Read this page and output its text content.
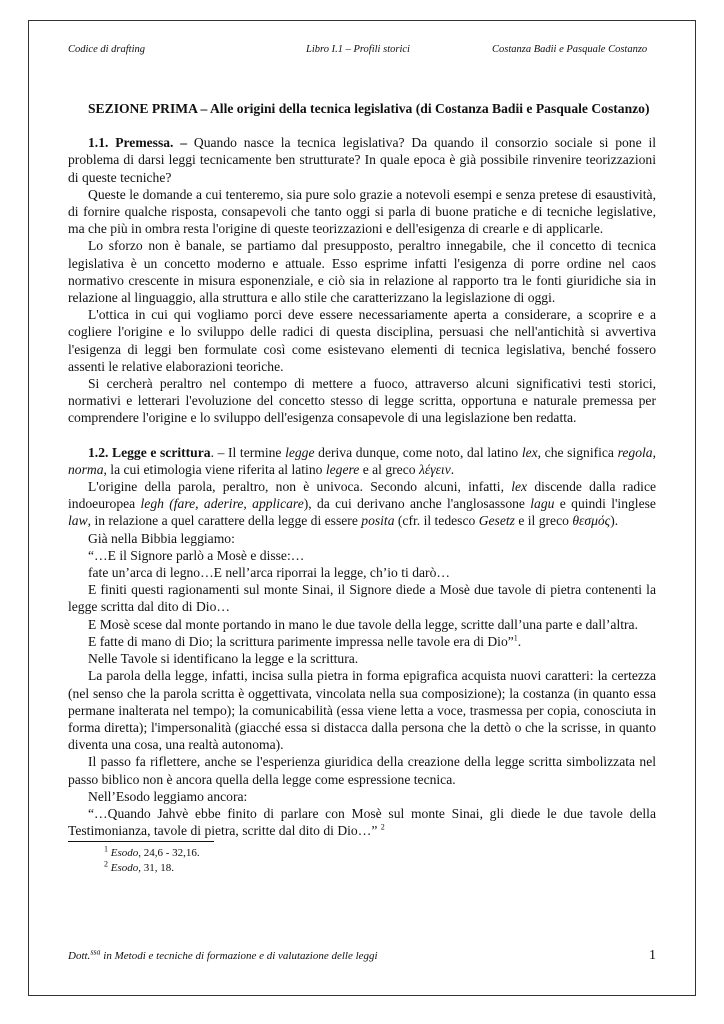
Codice di drafting	Libro I.1 – Profili storici	Costanza Badii e Pasquale Costanzo

SEZIONE PRIMA – Alle origini della tecnica legislativa (di Costanza Badii e Pasquale Costanzo)

1.1. Premessa. – Quando nasce la tecnica legislativa? Da quando il consorzio sociale si pone il problema di darsi leggi tecnicamente ben strutturate? In quale epoca è già possibile rinvenire teorizzazioni di queste tecniche?

Queste le domande a cui tenteremo, sia pure solo grazie a notevoli esempi e senza pretese di esaustività, di fornire qualche risposta, consapevoli che tanto oggi si parla di buone pratiche e di tecniche legislative, ma che più in ombra resta l'origine di queste teorizzazioni e dell'esigenza di crearle e di applicarle.

Lo sforzo non è banale, se partiamo dal presupposto, peraltro innegabile, che il concetto di tecnica legislativa è un concetto moderno e attuale. Esso esprime infatti l'esigenza di porre ordine nel caos normativo crescente in misura esponenziale, e ciò sia in relazione al rapporto tra le fonti giuridiche sia in relazione al linguaggio, alla struttura e allo stile che caratterizzano la legislazione di oggi.

L'ottica in cui qui vogliamo porci deve essere necessariamente aperta a considerare, a scoprire e a cogliere l'origine e lo sviluppo delle radici di questa disciplina, persuasi che nell'antichità si avvertiva l'esigenza di leggi ben formulate così come esistevano elementi di tecnica legislativa, benché fossero assenti le relative elaborazioni teoriche.

Si cercherà peraltro nel contempo di mettere a fuoco, attraverso alcuni significativi testi storici, normativi e letterari l'evoluzione del concetto stesso di legge scritta, opportuna e naturale premessa per comprendere l'origine e lo sviluppo dell'esigenza consapevole di una legislazione ben redatta.

1.2. Legge e scrittura. – Il termine legge deriva dunque, come noto, dal latino lex, che significa regola, norma, la cui etimologia viene riferita al latino legere e al greco λέγειν.

L'origine della parola, peraltro, non è univoca. Secondo alcuni, infatti, lex discende dalla radice indoeuropea legh (fare, aderire, applicare), da cui derivano anche l'anglosassone lagu e quindi l'inglese law, in relazione a quel carattere della legge di essere posita (cfr. il tedesco Gesetz e il greco θεσμός).

Già nella Bibbia leggiamo:

“…E il Signore parlò a Mosè e disse:…

fate un’arca di legno…E nell’arca riporrai la legge, ch’io ti darò…

E finiti questi ragionamenti sul monte Sinai, il Signore diede a Mosè due tavole di pietra contenenti la legge scritta dal dito di Dio…

E Mosè scese dal monte portando in mano le due tavole della legge, scritte dall’una parte e dall’altra.

E fatte di mano di Dio; la scrittura parimente impressa nelle tavole era di Dio”$^1$.

Nelle Tavole si identificano la legge e la scrittura.

La parola della legge, infatti, incisa sulla pietra in forma epigrafica acquista nuovi caratteri: la certezza (nel senso che la parola scritta è oggettivata, vincolata nella sua composizione); la costanza (in quanto essa permane inalterata nel tempo); la comunicabilità (essa viene letta a voce, trasmessa per copia, conosciuta in forma diretta); l'impersonalità (giacché essa si distacca dalla persona che la dettò o che la scrisse, in quanto diventa una cosa, una realtà autonoma).

Il passo fa riflettere, anche se l'esperienza giuridica della creazione della legge scritta simbolizzata nel passo biblico non è ancora quella della legge come espressione tecnica.

Nell’Esodo leggiamo ancora:

“…Quando Jahvè ebbe finito di parlare con Mosè sul monte Sinai, gli diede le due tavole della Testimonianza, tavole di pietra, scritte dal dito di Dio…” $^2$

$^1$ Esodo, 24,6 - 32,16.

$^2$ Esodo, 31, 18.

Dott.$^{ssa}$ in Metodi e tecniche di formazione e di valutazione delle leggi	1
